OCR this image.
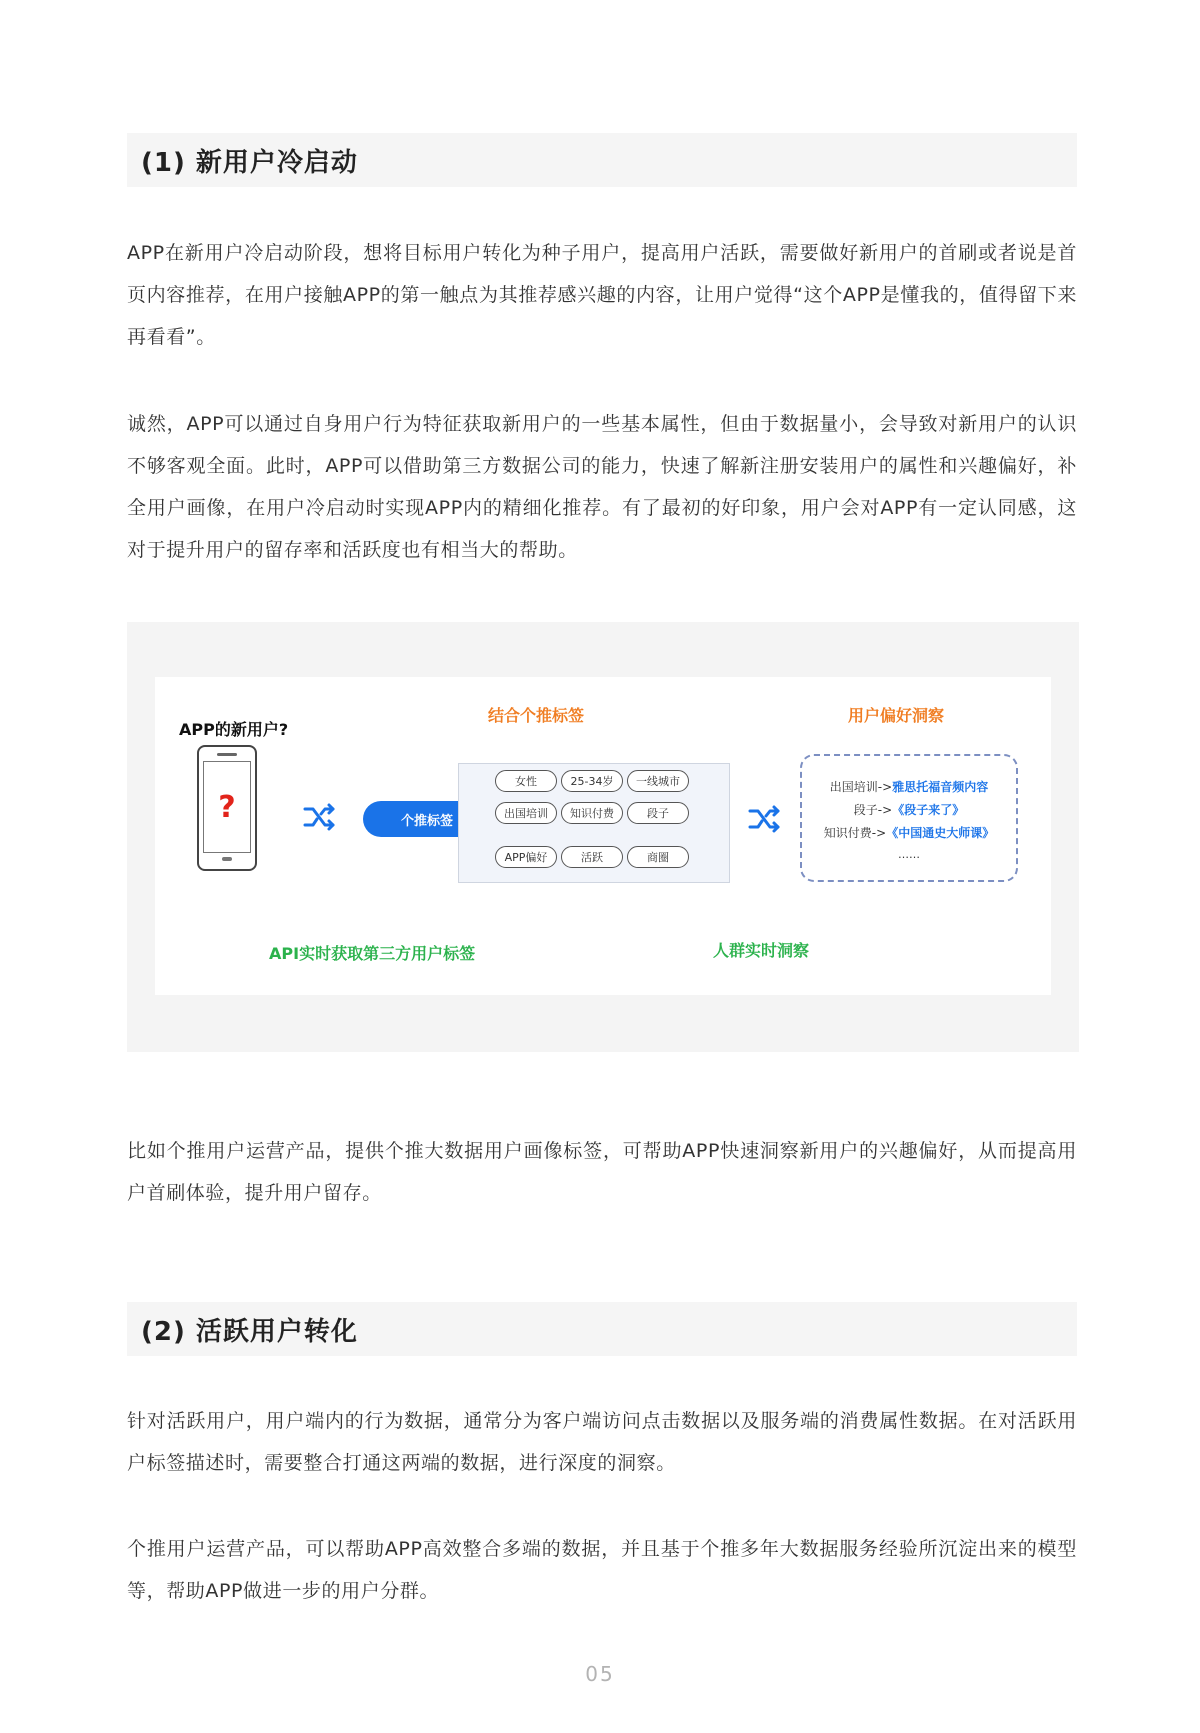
(1) 新用户冷启动

APP在新用户冷启动阶段，想将目标用户转化为种子用户，提高用户活跃，需要做好新用户的首刷或者说是首页内容推荐，在用户接触APP的第一触点为其推荐感兴趣的内容，让用户觉得“这个APP是懂我的，值得留下来再看看”。

诚然，APP可以通过自身用户行为特征获取新用户的一些基本属性，但由于数据量小，会导致对新用户的认识不够客观全面。此时，APP可以借助第三方数据公司的能力，快速了解新注册安装用户的属性和兴趣偏好，补全用户画像，在用户冷启动时实现APP内的精细化推荐。有了最初的好印象，用户会对APP有一定认同感，这对于提升用户的留存率和活跃度也有相当大的帮助。

APP的新用户?
?	个推标签
结合个推标签
女性	25-34岁	一线城市
出国培训	知识付费	段子
APP偏好	活跃	商圈
用户偏好洞察
出国培训->雅思托福音频内容
段子->《段子来了》
知识付费->《中国通史大师课》
……
API实时获取第三方用户标签	人群实时洞察

比如个推用户运营产品，提供个推大数据用户画像标签，可帮助APP快速洞察新用户的兴趣偏好，从而提高用户首刷体验，提升用户留存。

(2) 活跃用户转化

针对活跃用户，用户端内的行为数据，通常分为客户端访问点击数据以及服务端的消费属性数据。在对活跃用户标签描述时，需要整合打通这两端的数据，进行深度的洞察。

个推用户运营产品，可以帮助APP高效整合多端的数据，并且基于个推多年大数据服务经验所沉淀出来的模型等，帮助APP做进一步的用户分群。

05
